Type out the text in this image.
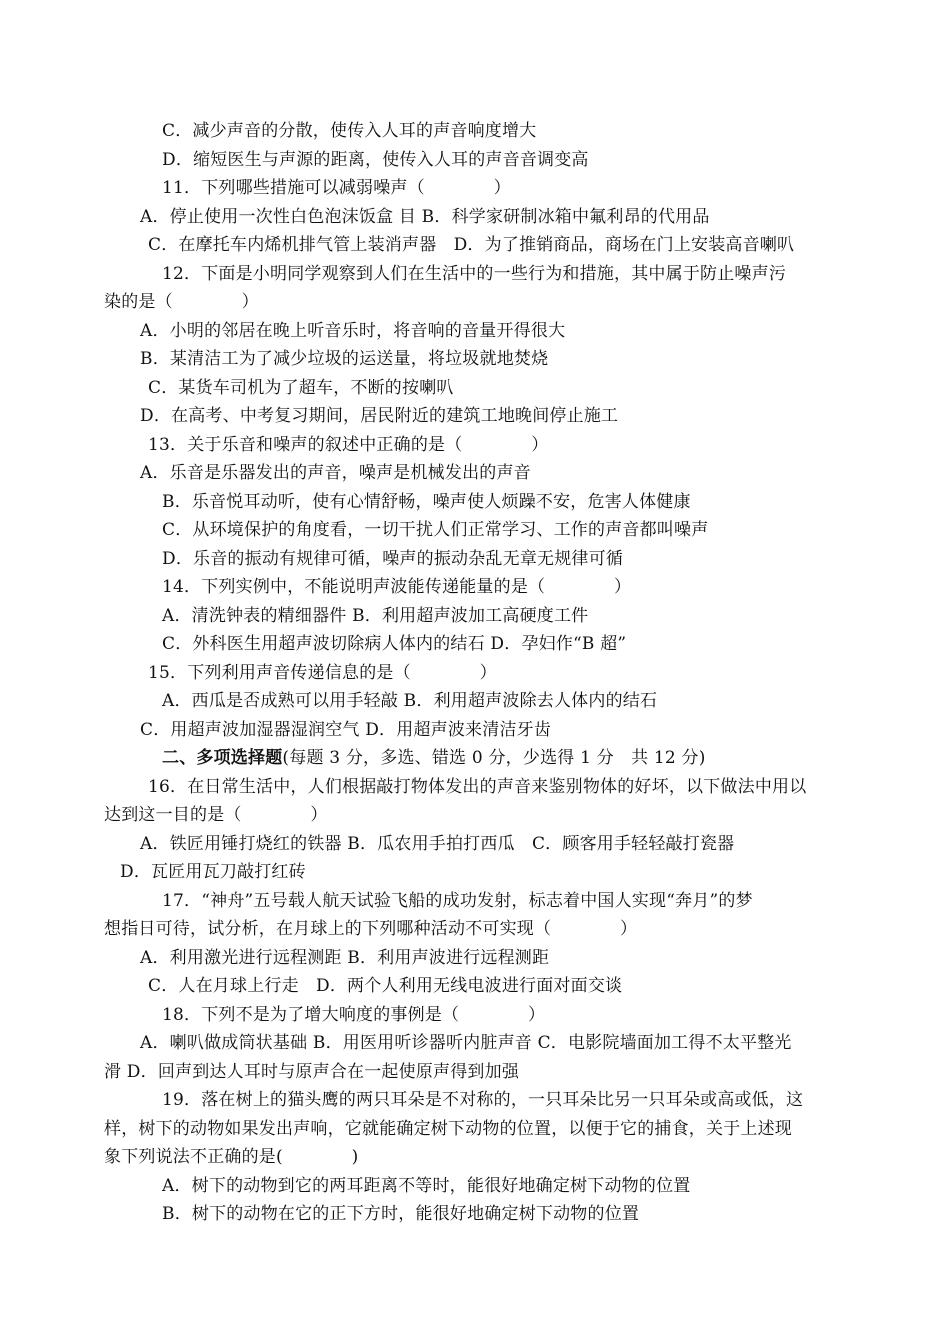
C．减少声音的分散，使传入人耳的声音响度增大
D．缩短医生与声源的距离，使传入人耳的声音音调变高
11．下列哪些措施可以减弱噪声（　　　　）
A．停止使用一次性白色泡沫饭盒 目 B．科学家研制冰箱中氟利昂的代用品
C．在摩托车内烯机排气管上装消声器　D．为了推销商品，商场在门上安装高音喇叭
12．下面是小明同学观察到人们在生活中的一些行为和措施，其中属于防止噪声污
染的是（　　　　）
A．小明的邻居在晚上听音乐时，将音响的音量开得很大
B．某清洁工为了减少垃圾的运送量，将垃圾就地焚烧
C．某货车司机为了超车，不断的按喇叭
D．在高考、中考复习期间，居民附近的建筑工地晚间停止施工
13．关于乐音和噪声的叙述中正确的是（　　　　）
A．乐音是乐器发出的声音，噪声是机械发出的声音
B．乐音悦耳动听，使有心情舒畅，噪声使人烦躁不安，危害人体健康
C．从环境保护的角度看，一切干扰人们正常学习、工作的声音都叫噪声
D．乐音的振动有规律可循，噪声的振动杂乱无章无规律可循
14．下列实例中，不能说明声波能传递能量的是（　　　　）
A．清洗钟表的精细器件 B．利用超声波加工高硬度工件
C．外科医生用超声波切除病人体内的结石 D．孕妇作“B 超”
15．下列利用声音传递信息的是（　　　　）
A．西瓜是否成熟可以用手轻敲 B．利用超声波除去人体内的结石
C．用超声波加湿器湿润空气 D．用超声波来清洁牙齿
二、多项选择题(每题 3 分，多选、错选 0 分，少选得 1 分　共 12 分)
16．在日常生活中，人们根据敲打物体发出的声音来鉴别物体的好坏，以下做法中用以
达到这一目的是（　　　　）
A．铁匠用锤打烧红的铁器 B．瓜农用手拍打西瓜　C．顾客用手轻轻敲打瓷器
D．瓦匠用瓦刀敲打红砖
17．“神舟”五号载人航天试验飞船的成功发射，标志着中国人实现“奔月”的梦
想指日可待，试分析，在月球上的下列哪种活动不可实现（　　　　）
A．利用激光进行远程测距 B．利用声波进行远程测距
C．人在月球上行走　D．两个人利用无线电波进行面对面交谈
18．下列不是为了增大响度的事例是（　　　　）
A．喇叭做成筒状基础 B．用医用听诊器听内脏声音 C．电影院墙面加工得不太平整光
滑 D．回声到达人耳时与原声合在一起使原声得到加强
19．落在树上的猫头鹰的两只耳朵是不对称的，一只耳朵比另一只耳朵或高或低，这
样，树下的动物如果发出声响，它就能确定树下动物的位置，以便于它的捕食，关于上述现
象下列说法不正确的是(　　　　)
A．树下的动物到它的两耳距离不等时，能很好地确定树下动物的位置
B．树下的动物在它的正下方时，能很好地确定树下动物的位置
